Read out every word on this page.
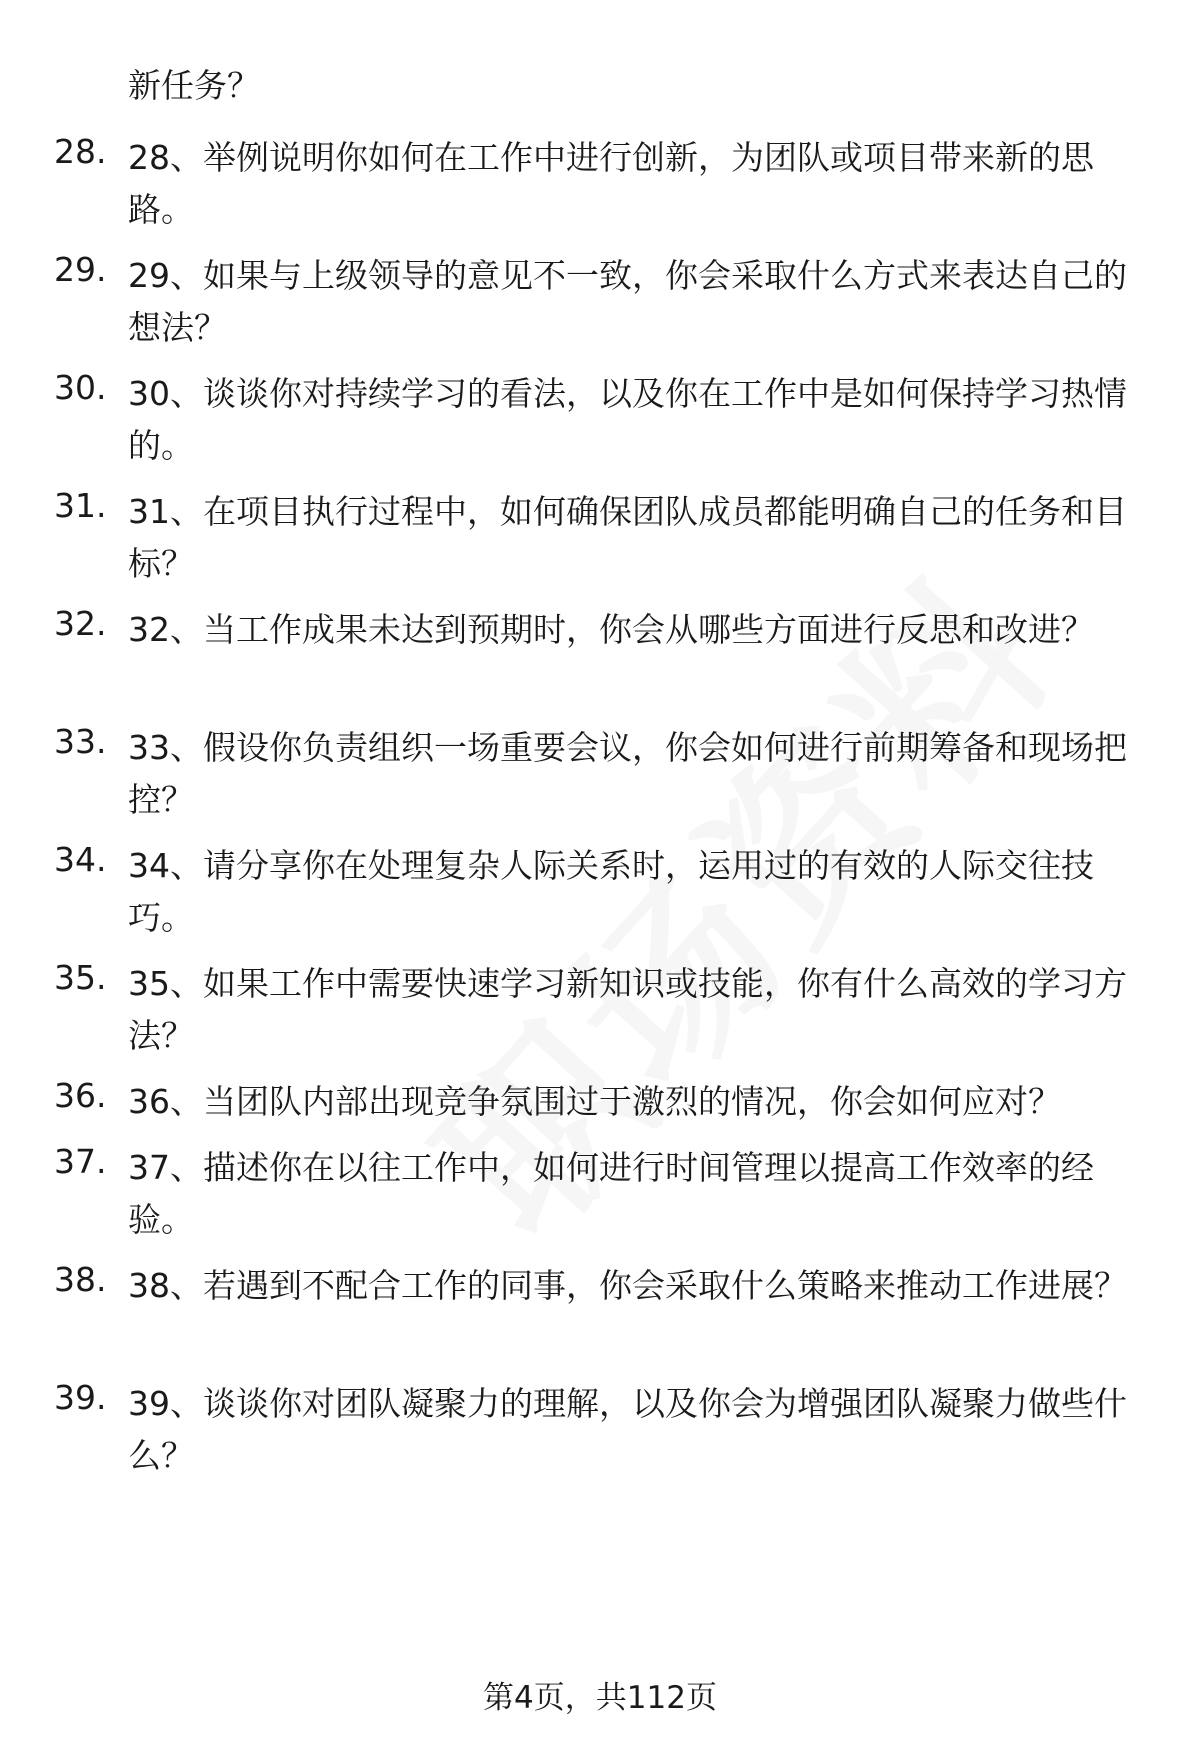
新任务？

28. 28、举例说明你如何在工作中进行创新，为团队或项目带来新的思路。

29. 29、如果与上级领导的意见不一致，你会采取什么方式来表达自己的想法？

30. 30、谈谈你对持续学习的看法，以及你在工作中是如何保持学习热情的。

31. 31、在项目执行过程中，如何确保团队成员都能明确自己的任务和目标？

32. 32、当工作成果未达到预期时，你会从哪些方面进行反思和改进？

33. 33、假设你负责组织一场重要会议，你会如何进行前期筹备和现场把控？

34. 34、请分享你在处理复杂人际关系时，运用过的有效的人际交往技巧。

35. 35、如果工作中需要快速学习新知识或技能，你有什么高效的学习方法？

36. 36、当团队内部出现竞争氛围过于激烈的情况，你会如何应对？

37. 37、描述你在以往工作中，如何进行时间管理以提高工作效率的经验。

38. 38、若遇到不配合工作的同事，你会采取什么策略来推动工作进展？

39. 39、谈谈你对团队凝聚力的理解，以及你会为增强团队凝聚力做些什么？

第4页，共112页
